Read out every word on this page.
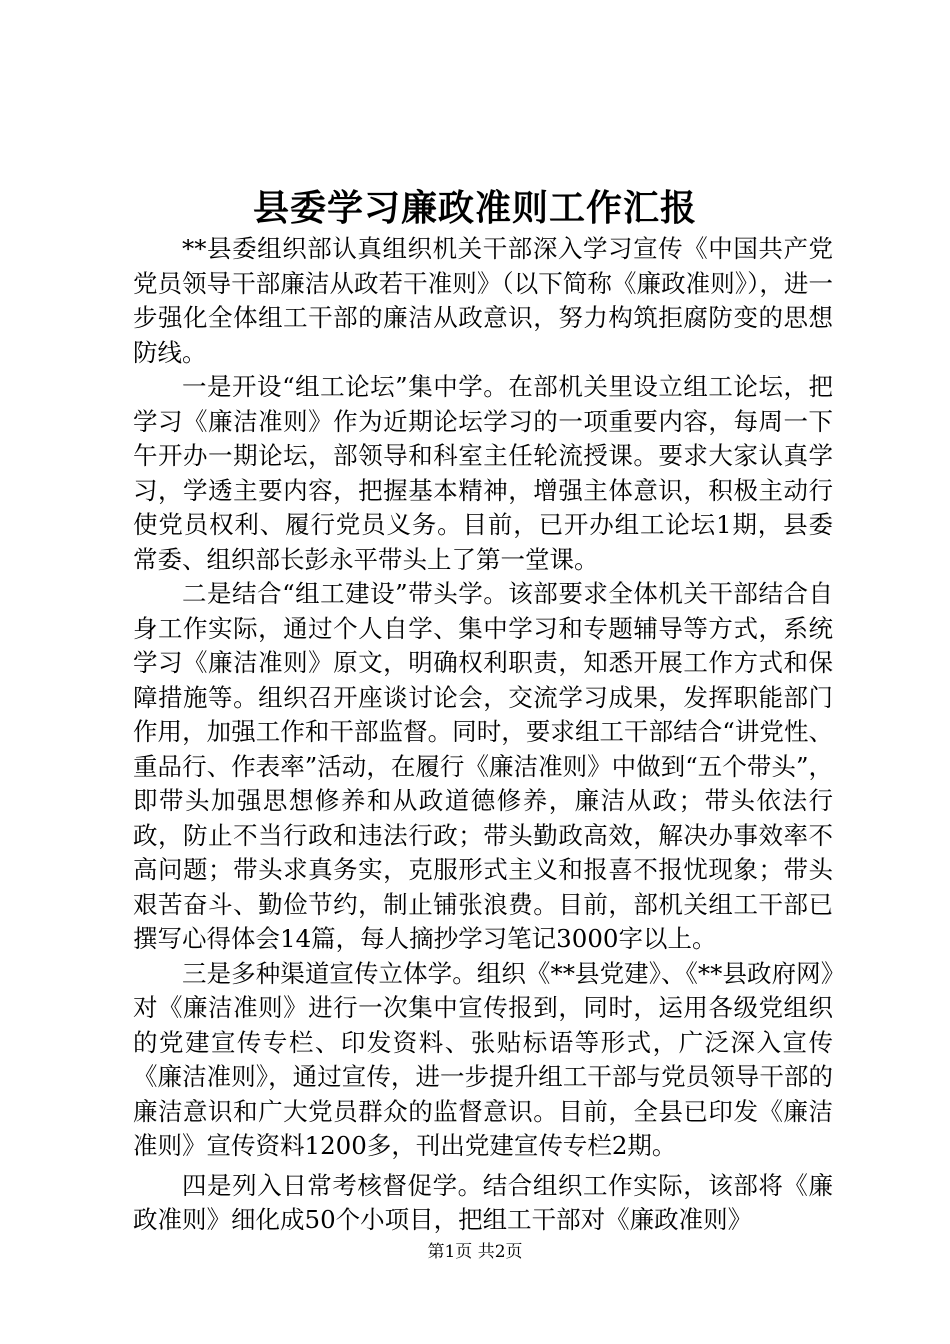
县委学习廉政准则工作汇报

**县委组织部认真组织机关干部深入学习宣传《中国共产党党员领导干部廉洁从政若干准则》（以下简称《廉政准则》），进一步强化全体组工干部的廉洁从政意识，努力构筑拒腐防变的思想防线。

一是开设“组工论坛”集中学。在部机关里设立组工论坛，把学习《廉洁准则》作为近期论坛学习的一项重要内容，每周一下午开办一期论坛，部领导和科室主任轮流授课。要求大家认真学习，学透主要内容，把握基本精神，增强主体意识，积极主动行使党员权利、履行党员义务。目前，已开办组工论坛1期，县委常委、组织部长彭永平带头上了第一堂课。

二是结合“组工建设”带头学。该部要求全体机关干部结合自身工作实际，通过个人自学、集中学习和专题辅导等方式，系统学习《廉洁准则》原文，明确权利职责，知悉开展工作方式和保障措施等。组织召开座谈讨论会，交流学习成果，发挥职能部门作用，加强工作和干部监督。同时，要求组工干部结合“讲党性、重品行、作表率”活动，在履行《廉洁准则》中做到“五个带头”，即带头加强思想修养和从政道德修养，廉洁从政；带头依法行政，防止不当行政和违法行政；带头勤政高效，解决办事效率不高问题；带头求真务实，克服形式主义和报喜不报忧现象；带头艰苦奋斗、勤俭节约，制止铺张浪费。目前，部机关组工干部已撰写心得体会14篇，每人摘抄学习笔记3000字以上。

三是多种渠道宣传立体学。组织《**县党建》、《**县政府网》对《廉洁准则》进行一次集中宣传报到，同时，运用各级党组织的党建宣传专栏、印发资料、张贴标语等形式，广泛深入宣传《廉洁准则》，通过宣传，进一步提升组工干部与党员领导干部的廉洁意识和广大党员群众的监督意识。目前，全县已印发《廉洁准则》宣传资料1200多，刊出党建宣传专栏2期。

四是列入日常考核督促学。结合组织工作实际，该部将《廉政准则》细化成50个小项目，把组工干部对《廉政准则》

第1页 共2页
